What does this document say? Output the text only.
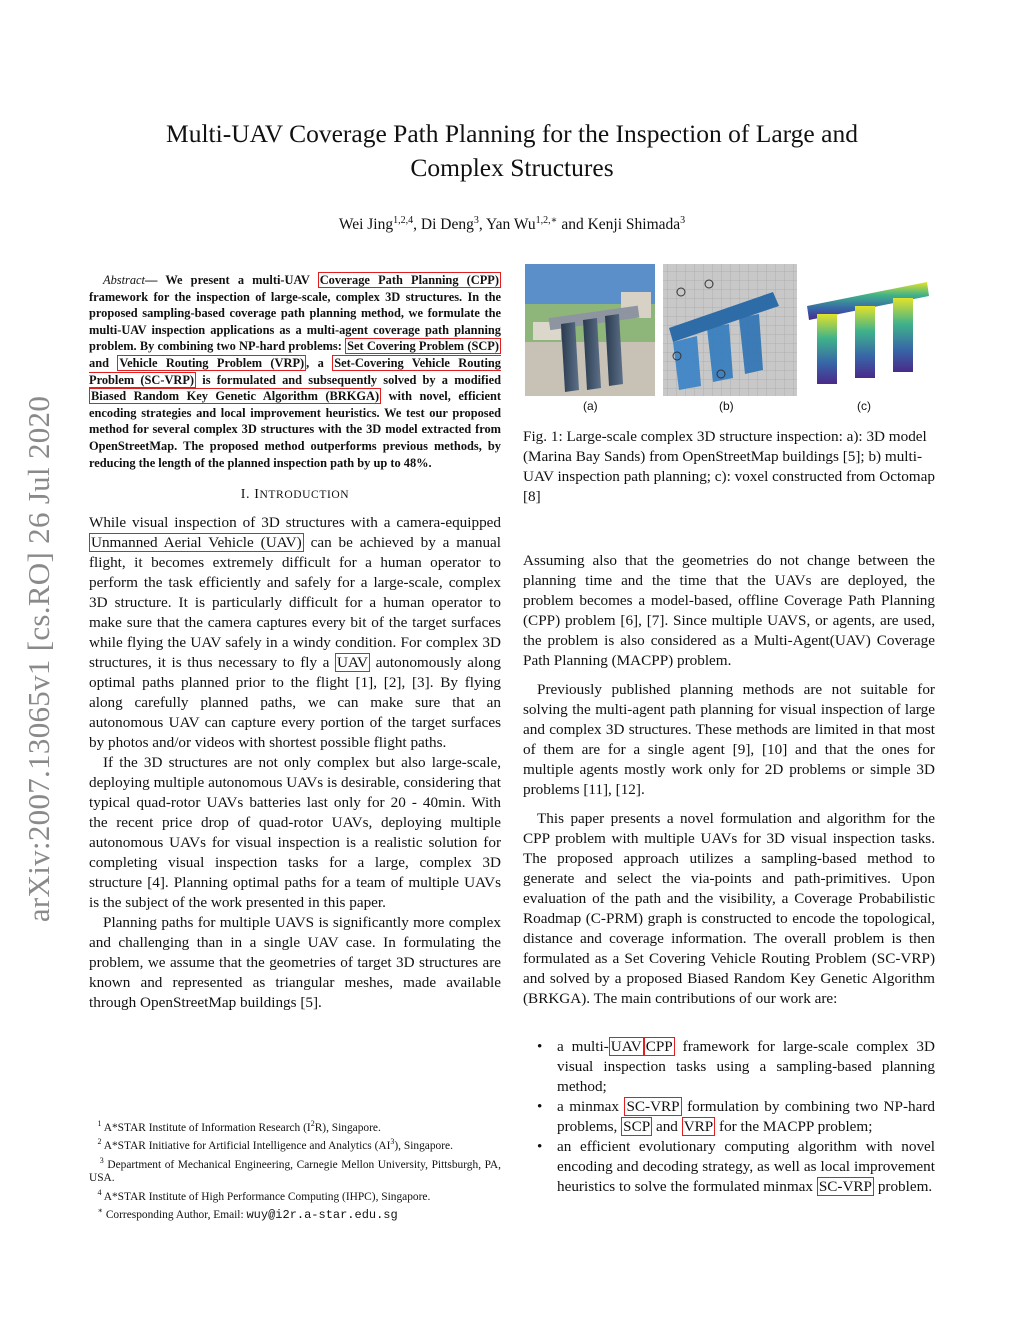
arXiv:2007.13065v1 [cs.RO] 26 Jul 2020
Multi-UAV Coverage Path Planning for the Inspection of Large and
Complex Structures
Wei Jing$^{1,2,4}$, Di Deng$^3$, Yan $Wu^{1,2,∗}$ and Kenji Shimada$^3$

Abstract— We present a multi-UAV Coverage Path Planning (CPP) framework for the inspection of large-scale, complex 3D structures. In the proposed sampling-based coverage path planning method, we formulate the multi-UAV inspection applications as a multi-agent coverage path planning problem. By combining two NP-hard problems: Set Covering Problem (SCP) and Vehicle Routing Problem (VRP) , a Set-Covering Vehicle Routing Problem (SC-VRP) is formulated and subsequently solved by a modified Biased Random Key Genetic Algorithm (BRKGA) with novel, efficient encoding strategies and local improvement heuristics. We test our proposed method for several complex 3D structures with the 3D model extracted from OpenStreetMap. The proposed method outperforms previous methods, by reducing the length of the planned inspection path by up to 48%.

I. INTRODUCTION

While visual inspection of 3D structures with a camera-equipped Unmanned Aerial Vehicle (UAV) can be achieved by a manual flight, it becomes extremely difficult for a human operator to perform the task efficiently and safely for a large-scale, complex 3D structure. It is particularly difficult for a human operator to make sure that the camera captures every bit of the target surfaces while flying the UAV safely in a windy condition. For complex 3D structures, it is thus necessary to fly a UAV autonomously along optimal paths planned prior to the flight [1], [2], [3]. By flying along carefully planned paths, we can make sure that an autonomous UAV can capture every portion of the target surfaces by photos and/or videos with shortest possible flight paths.

If the 3D structures are not only complex but also large-scale, deploying multiple autonomous UAVs is desirable, considering that typical quad-rotor UAVs batteries last only for 20 - 40min. With the recent price drop of quad-rotor UAVs, deploying multiple autonomous UAVs for visual inspection is a realistic solution for completing visual inspection tasks for a large, complex 3D structure [4]. Planning optimal paths for a team of multiple UAVs is the subject of the work presented in this paper.

Planning paths for multiple UAVS is significantly more complex and challenging than in a single UAV case. In formulating the problem, we assume that the geometries of target 3D structures are known and represented as triangular meshes, made available through OpenStreetMap buildings [5].

$^1$ A*STAR Institute of Information Research $(I^2R)$, Singapore.

$^2$ A*STAR Initiative for Artificial Intelligence and Analytics $(AI^3)$, Singapore.

$^3$ Department of Mechanical Engineering, Carnegie Mellon University, Pittsburgh, PA, USA.

$^4$ A*STAR Institute of High Performance Computing (IHPC), Singapore.

∗ Corresponding Author, Email: wuy@i2r.a-star.edu.sg

(a)	(b)	(c)
Fig. 1: Large-scale complex 3D structure inspection: a): 3D model (Marina Bay Sands) from OpenStreetMap buildings [5]; b) multi-UAV inspection path planning; c): voxel constructed from Octomap [8]

Assuming also that the geometries do not change between the planning time and the time that the UAVs are deployed, the problem becomes a model-based, offline Coverage Path Planning (CPP) problem [6], [7]. Since multiple UAVS, or agents, are used, the problem is also considered as a Multi-Agent(UAV) Coverage Path Planning (MACPP) problem.

Previously published planning methods are not suitable for solving the multi-agent path planning for visual inspection of large and complex 3D structures. These methods are limited in that most of them are for a single agent [9], [10] and that the ones for multiple agents mostly work only for 2D problems or simple 3D problems [11], [12].

This paper presents a novel formulation and algorithm for the CPP problem with multiple UAVs for 3D visual inspection tasks. The proposed approach utilizes a sampling-based method to generate and select the via-points and path-primitives. Upon evaluation of the path and the visibility, a Coverage Probabilistic Roadmap (C-PRM) graph is constructed to encode the topological, distance and coverage information. The overall problem is then formulated as a Set Covering Vehicle Routing Problem (SC-VRP) and solved by a proposed Biased Random Key Genetic Algorithm (BRKGA). The main contributions of our work are:

• a multi- UAV CPP framework for large-scale complex 3D visual inspection tasks using a sampling-based planning method;
• a minmax SC-VRP formulation by combining two NP-hard problems, SCP and VRP for the MACPP problem;
• an efficient evolutionary computing algorithm with novel encoding and decoding strategy, as well as local improvement heuristics to solve the formulated minmax SC-VRP problem.
